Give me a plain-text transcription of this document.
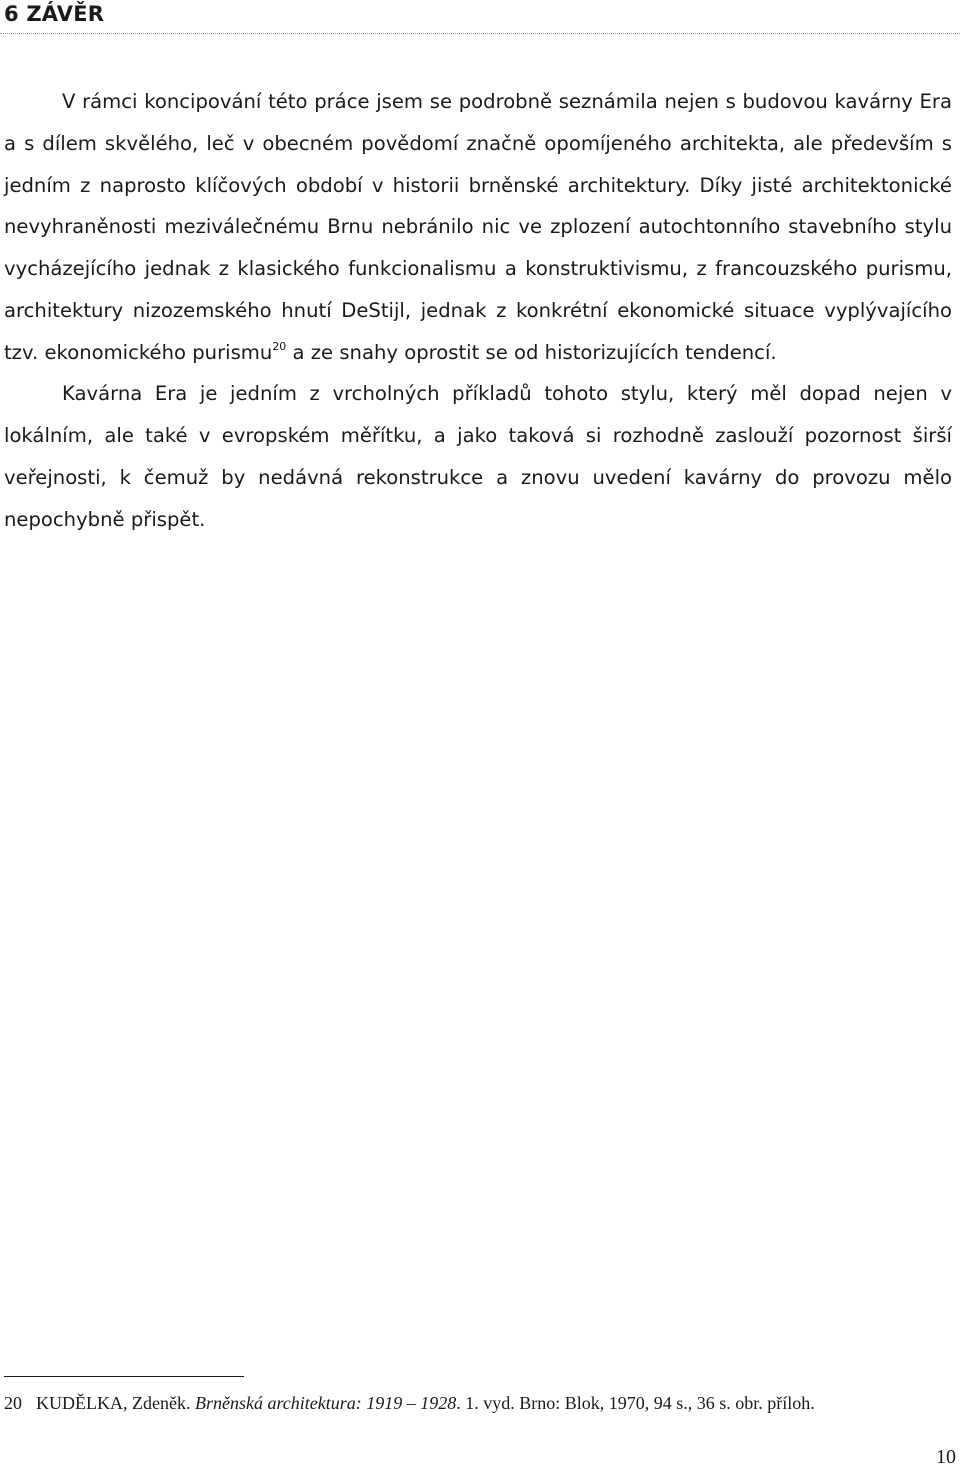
6 ZÁVĚR

V rámci koncipování této práce jsem se podrobně seznámila nejen s budovou kavárny Era a s dílem skvělého, leč v obecném povědomí značně opomíjeného architekta, ale především s jedním z naprosto klíčových období v historii brněnské architektury. Díky jisté architektonické nevyhraněnosti meziválečnému Brnu nebránilo nic ve zplození autochtonního stavebního stylu vycházejícího jednak z klasického funkcionalismu a konstruktivismu, z francouzského purismu, architektury nizozemského hnutí DeStijl, jednak z konkrétní ekonomické situace vyplývajícího tzv. ekonomického purismu$^{20}$ a ze snahy oprostit se od historizujících tendencí.

Kavárna Era je jedním z vrcholných příkladů tohoto stylu, který měl dopad nejen v lokálním, ale také v evropském měřítku, a jako taková si rozhodně zaslouží pozornost širší veřejnosti, k čemuž by nedávná rekonstrukce a znovu uvedení kavárny do provozu mělo nepochybně přispět.

20 KUDĚLKA, Zdeněk. Brněnská architektura: 1919 – 1928. 1. vyd. Brno: Blok, 1970, 94 s., 36 s. obr. příloh.
10
